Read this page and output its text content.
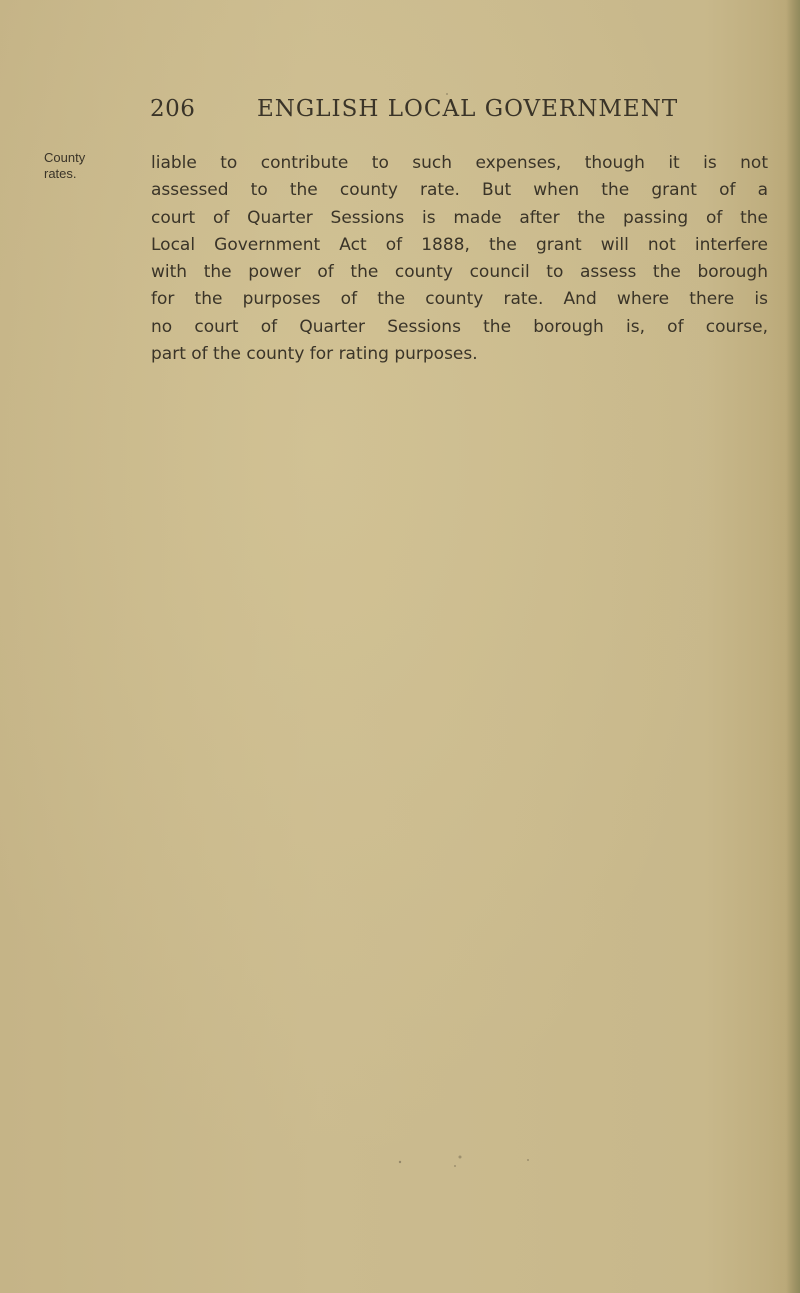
206	ENGLISH LOCAL GOVERNMENT
County
rates.
liable to contribute to such expenses, though it is not
assessed to the county rate. But when the grant of a
court of Quarter Sessions is made after the passing of the
Local Government Act of 1888, the grant will not interfere
with the power of the county council to assess the borough
for the purposes of the county rate. And where there is
no court of Quarter Sessions the borough is, of course,
part of the county for rating purposes.
